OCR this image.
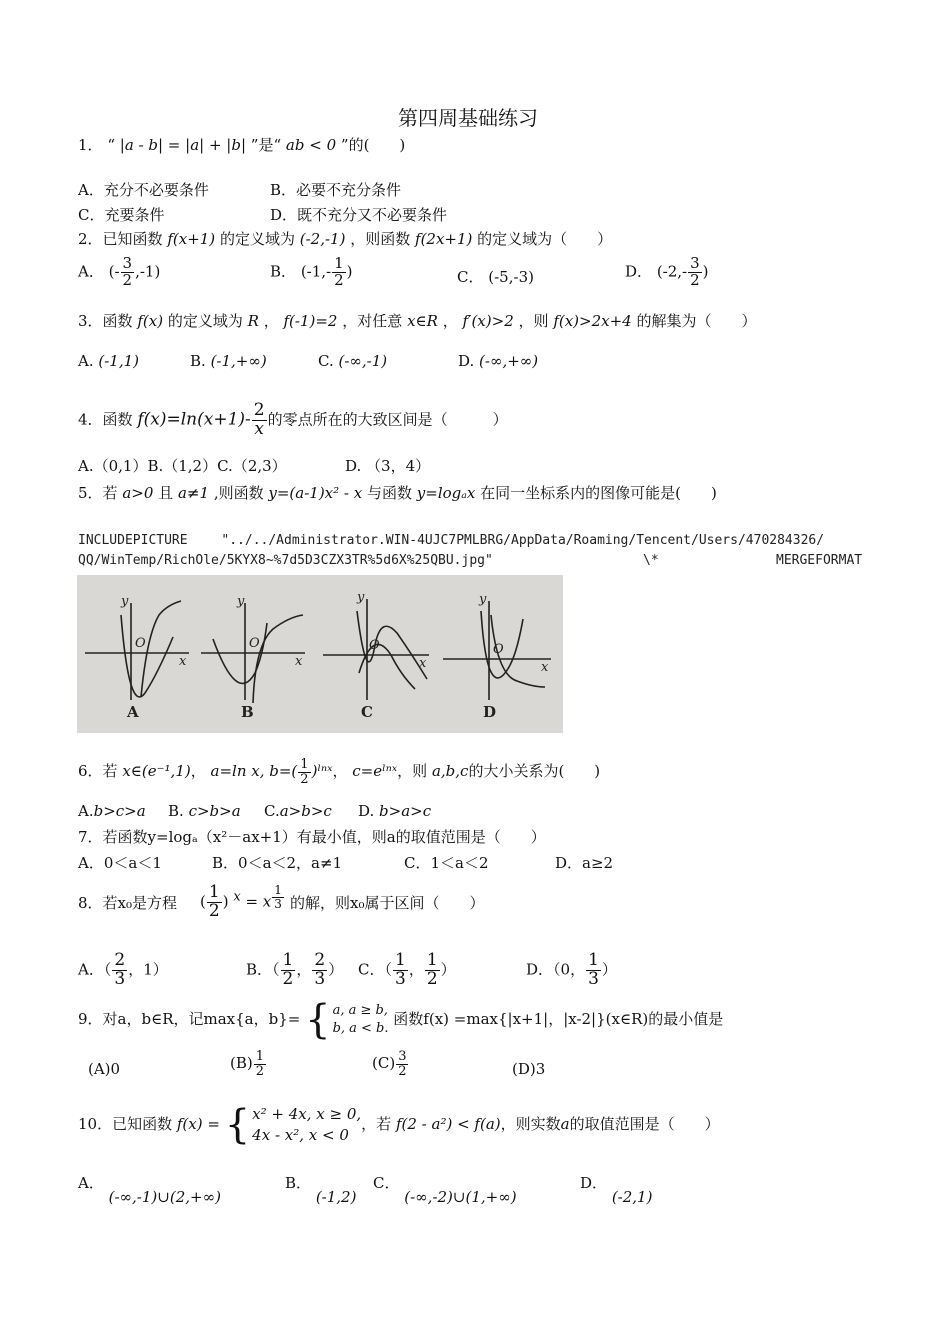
第四周基础练习
1． “ |a - b| = |a| + |b| ”是“ ab < 0 ”的(　　)
A．充分不必要条件	B．必要不充分条件
C．充要条件	D．既不充分又不必要条件
2．已知函数 f(x+1) 的定义域为 (-2,-1) ，则函数 f(2x+1) 的定义域为（　　）
A． (- $\frac{3}{2} ,-1$)	B． ($-1,- \frac{1}{2}$ )	C． (-5,-3)	D． ($-2,- \frac{3}{2}$ )
3．函数 f(x) 的定义域为 R ， f(-1)=2 ，对任意 x∈R ， f′(x)>2 ，则 f(x)>2x+4 的解集为（　　）
A. (-1,1)	B. (-1,+∞)	C. (-∞,-1)	D. (-∞,+∞)
4．函数 $f(x)=\ln(x+1)- \frac{2}{x}$ 的零点所在的大致区间是（　　　）
A.（0,1）B.（1,2）C.（2,3）	D. （3，4）
5．若 a>0 且 a≠1 ,则函数 y=(a-1)x² - x 与函数 y=logₐx 在同一坐标系内的图像可能是(　　)
INCLUDEPICTURE　　 "../../Administrator.WIN-4UJC7PMLBRG/AppData/Roaming/Tencent/Users/470284326/
QQ/WinTemp/RichOle/5KYX8~%7d5D3CZX3TR%5d6X%25QBU.jpg"	\*	MERGEFORMAT
y
x
O
y
x
O
y
x
O
y
x
O
A	B	C	D
6．若 x∈(e⁻¹,1)， a=ln x, $b=( \frac{1}{2}$ )ˡⁿˣ， c=eˡⁿˣ，则 a,b,c的大小关系为(　　)
A.b>c>a B. c>b>a C.a>b>c D. b>a>c
7．若函数y=logₐ（x²－ax+1）有最小值，则a的取值范围是（　　）
A．0＜a＜1	B．0＜a＜2，a≠1	C．1＜a＜2	D．a≥2
8．若x₀是方程 ( $\frac{1}{2}$ ) $^x$ = x $^{\frac{1}{3}}$ 的解，则x₀属于区间（　　）
A．（ $\frac{2}{3}$ ，1）	B．（ $\frac{1}{2}$ ， $\frac{2}{3}$ ） C．（ $\frac{1}{3}$ ， $\frac{1}{2}$ ）	D．（0， $\frac{1}{3}$ ）
9．对a，b∈R，记max{a，b}= { a, a ≥ b,
b, a < b.
函数f(x) =max{|x+1|，|x-2|}(x∈R)的最小值是
(A)0	$(B) \frac{1}{2}$	$(C) \frac{3}{2}$	(D)3
10．已知函数 f(x) = { x² + 4x, x ≥ 0,
4x - x², x < 0
，若 f(2 - a²) < f(a)，则实数a的取值范围是（　　）
A． (-∞,-1)∪(2,+∞)
B． (-1,2)
C． (-∞,-2)∪(1,+∞)
D． (-2,1)
